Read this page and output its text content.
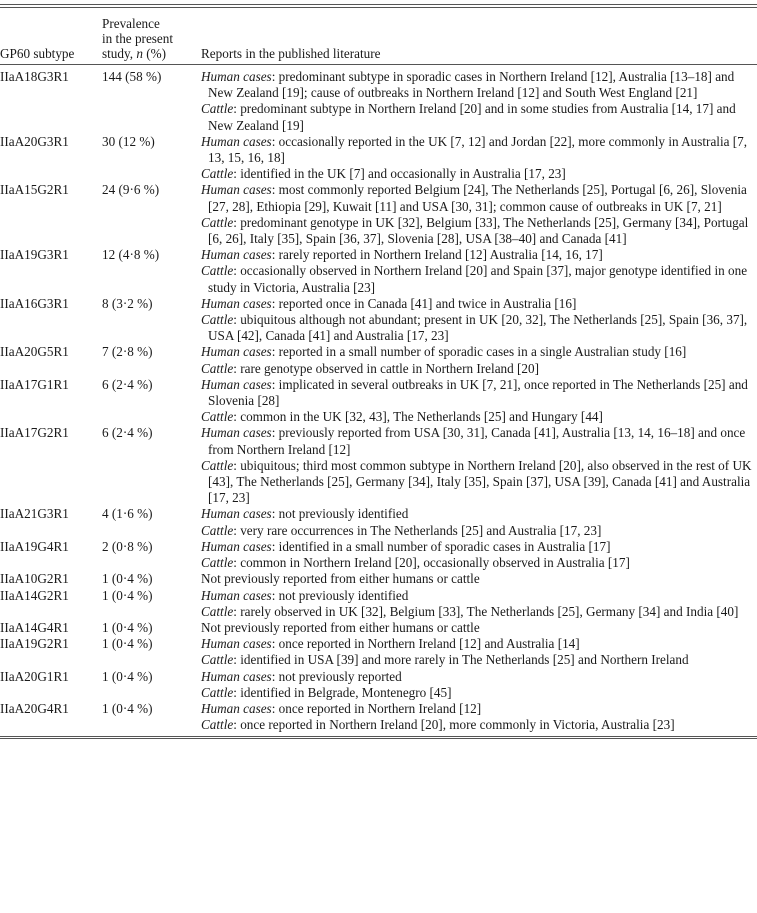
GP60 subtype	Prevalence
in the present
study, n (%)	Reports in the published literature
IIaA18G3R1	144 (58 %)	Human cases: predominant subtype in sporadic cases in Northern Ireland [12], Australia [13–18] and New Zealand [19]; cause of outbreaks in Northern Ireland [12] and South West England [21]
Cattle: predominant subtype in Northern Ireland [20] and in some studies from Australia [14, 17] and New Zealand [19]

IIaA20G3R1	30 (12 %)	Human cases: occasionally reported in the UK [7, 12] and Jordan [22], more commonly in Australia [7, 13, 15, 16, 18]
Cattle: identified in the UK [7] and occasionally in Australia [17, 23]

IIaA15G2R1	24 (9·6 %)	Human cases: most commonly reported Belgium [24], The Netherlands [25], Portugal [6, 26], Slovenia [27, 28], Ethiopia [29], Kuwait [11] and USA [30, 31]; common cause of outbreaks in UK [7, 21]
Cattle: predominant genotype in UK [32], Belgium [33], The Netherlands [25], Germany [34], Portugal [6, 26], Italy [35], Spain [36, 37], Slovenia [28], USA [38–40] and Canada [41]

IIaA19G3R1	12 (4·8 %)	Human cases: rarely reported in Northern Ireland [12] Australia [14, 16, 17]
Cattle: occasionally observed in Northern Ireland [20] and Spain [37], major genotype identified in one study in Victoria, Australia [23]

IIaA16G3R1	8 (3·2 %)	Human cases: reported once in Canada [41] and twice in Australia [16]
Cattle: ubiquitous although not abundant; present in UK [20, 32], The Netherlands [25], Spain [36, 37], USA [42], Canada [41] and Australia [17, 23]

IIaA20G5R1	7 (2·8 %)	Human cases: reported in a small number of sporadic cases in a single Australian study [16]
Cattle: rare genotype observed in cattle in Northern Ireland [20]

IIaA17G1R1	6 (2·4 %)	Human cases: implicated in several outbreaks in UK [7, 21], once reported in The Netherlands [25] and Slovenia [28]
Cattle: common in the UK [32, 43], The Netherlands [25] and Hungary [44]

IIaA17G2R1	6 (2·4 %)	Human cases: previously reported from USA [30, 31], Canada [41], Australia [13, 14, 16–18] and once from Northern Ireland [12]
Cattle: ubiquitous; third most common subtype in Northern Ireland [20], also observed in the rest of UK [43], The Netherlands [25], Germany [34], Italy [35], Spain [37], USA [39], Canada [41] and Australia [17, 23]

IIaA21G3R1	4 (1·6 %)	Human cases: not previously identified
Cattle: very rare occurrences in The Netherlands [25] and Australia [17, 23]

IIaA19G4R1	2 (0·8 %)	Human cases: identified in a small number of sporadic cases in Australia [17]
Cattle: common in Northern Ireland [20], occasionally observed in Australia [17]

IIaA10G2R1	1 (0·4 %)	Not previously reported from either humans or cattle

IIaA14G2R1	1 (0·4 %)	Human cases: not previously identified
Cattle: rarely observed in UK [32], Belgium [33], The Netherlands [25], Germany [34] and India [40]

IIaA14G4R1	1 (0·4 %)	Not previously reported from either humans or cattle

IIaA19G2R1	1 (0·4 %)	Human cases: once reported in Northern Ireland [12] and Australia [14]
Cattle: identified in USA [39] and more rarely in The Netherlands [25] and Northern Ireland

IIaA20G1R1	1 (0·4 %)	Human cases: not previously reported
Cattle: identified in Belgrade, Montenegro [45]

IIaA20G4R1	1 (0·4 %)	Human cases: once reported in Northern Ireland [12]
Cattle: once reported in Northern Ireland [20], more commonly in Victoria, Australia [23]
